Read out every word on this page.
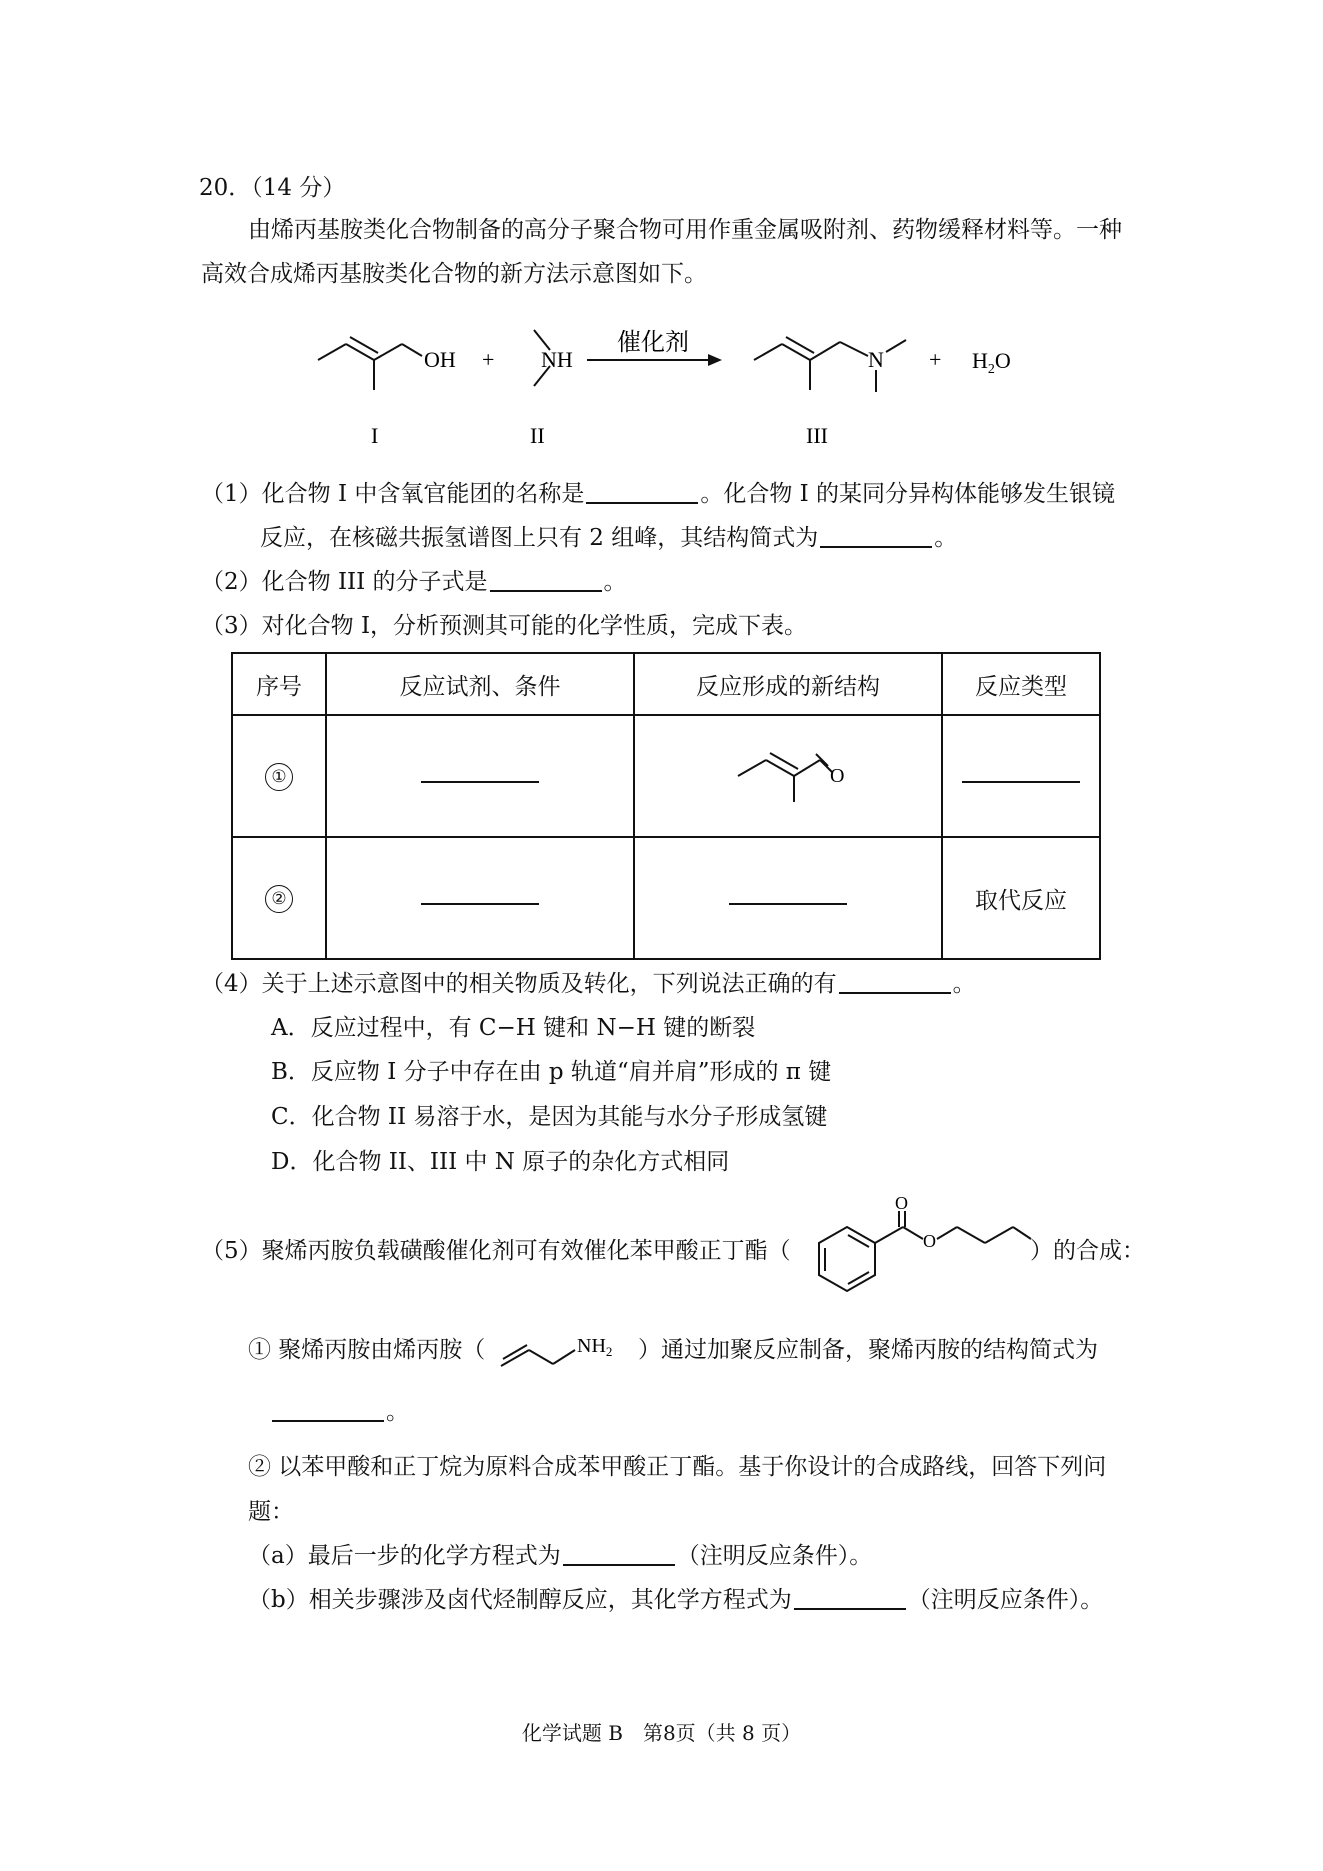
20．（14 分）
由烯丙基胺类化合物制备的高分子聚合物可用作重金属吸附剂、药物缓释材料等。一种
高效合成烯丙基胺类化合物的新方法示意图如下。
OH + NH
催化剂
$N + H_2O$
I	II	III
（1）化合物 I 中含氧官能团的名称是	。化合物 I 的某同分异构体能够发生银镜
反应，在核磁共振氢谱图上只有 2 组峰，其结构简式为	。
（2）化合物 III 的分子式是	。
（3）对化合物 I，分析预测其可能的化学性质，完成下表。
序号	反应试剂、条件	反应形成的新结构	反应类型
①		O	

②			取代反应
（4）关于上述示意图中的相关物质及转化，下列说法正确的有	。
A．反应过程中，有 C−H 键和 N−H 键的断裂
B．反应物 I 分子中存在由 p 轨道“肩并肩”形成的 π 键
C．化合物 II 易溶于水，是因为其能与水分子形成氢键
D．化合物 II、III 中 N 原子的杂化方式相同
（5）聚烯丙胺负载磺酸催化剂可有效催化苯甲酸正丁酯（
O
O	）的合成：
① 聚烯丙胺由烯丙胺（	$NH_2$ ）通过加聚反应制备，聚烯丙胺的结构简式为
。
② 以苯甲酸和正丁烷为原料合成苯甲酸正丁酯。基于你设计的合成路线，回答下列问
题：
（a）最后一步的化学方程式为	（注明反应条件）。
（b）相关步骤涉及卤代烃制醇反应，其化学方程式为	（注明反应条件）。
化学试题 B　第8页（共 8 页）
